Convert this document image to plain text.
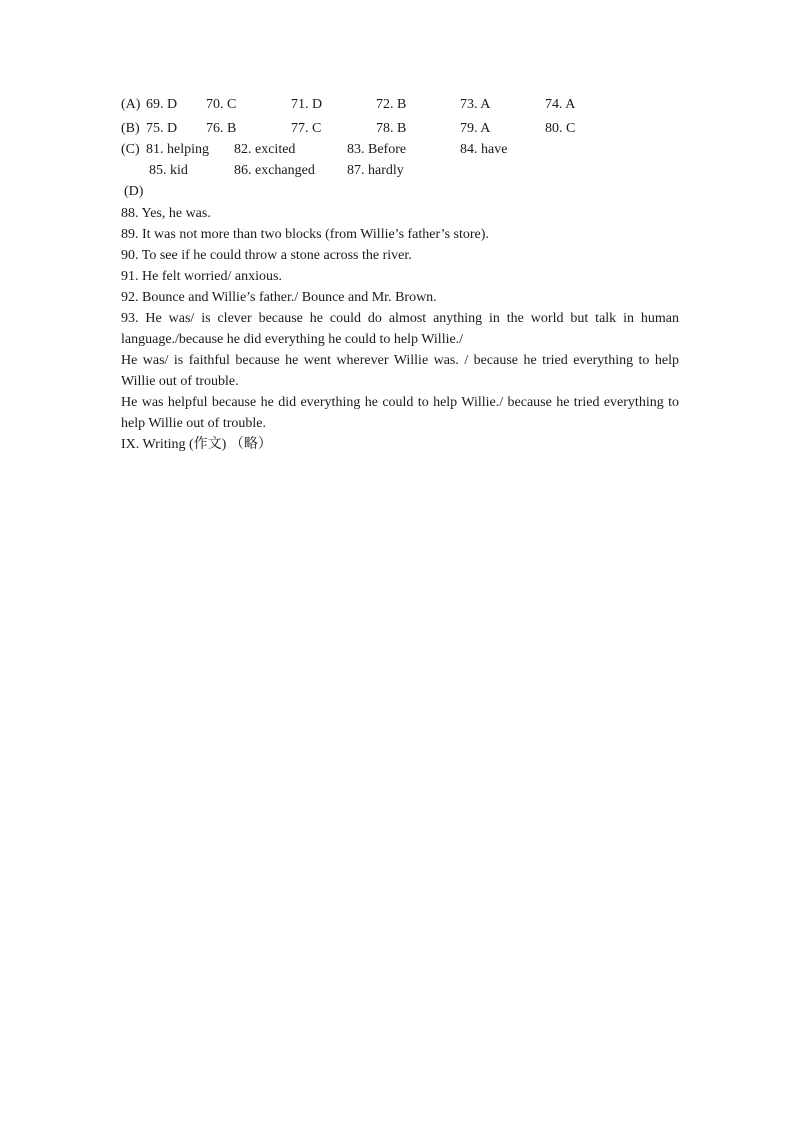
(A) 69. D 70. C	71. D	72. B	73. A	74. A
(B) 75. D 76. B	77. C	78. B	79. A	80. C
(C) 81. helping 82. excited	83. Before	84. have
85. kid	86. exchanged 87. hardly
(D)
88. Yes, he was.
89. It was not more than two blocks (from Willie’s father’s store).
90. To see if he could throw a stone across the river.
91. He felt worried/ anxious.
92. Bounce and Willie’s father./ Bounce and Mr. Brown.
93. He was/ is clever because he could do almost anything in the world but talk in human
language./because he did everything he could to help Willie./
He was/ is faithful because he went wherever Willie was. / because he tried everything to help
Willie out of trouble.
He was helpful because he did everything he could to help Willie./ because he tried everything to
help Willie out of trouble.
IX. Writing (作文) （略）
